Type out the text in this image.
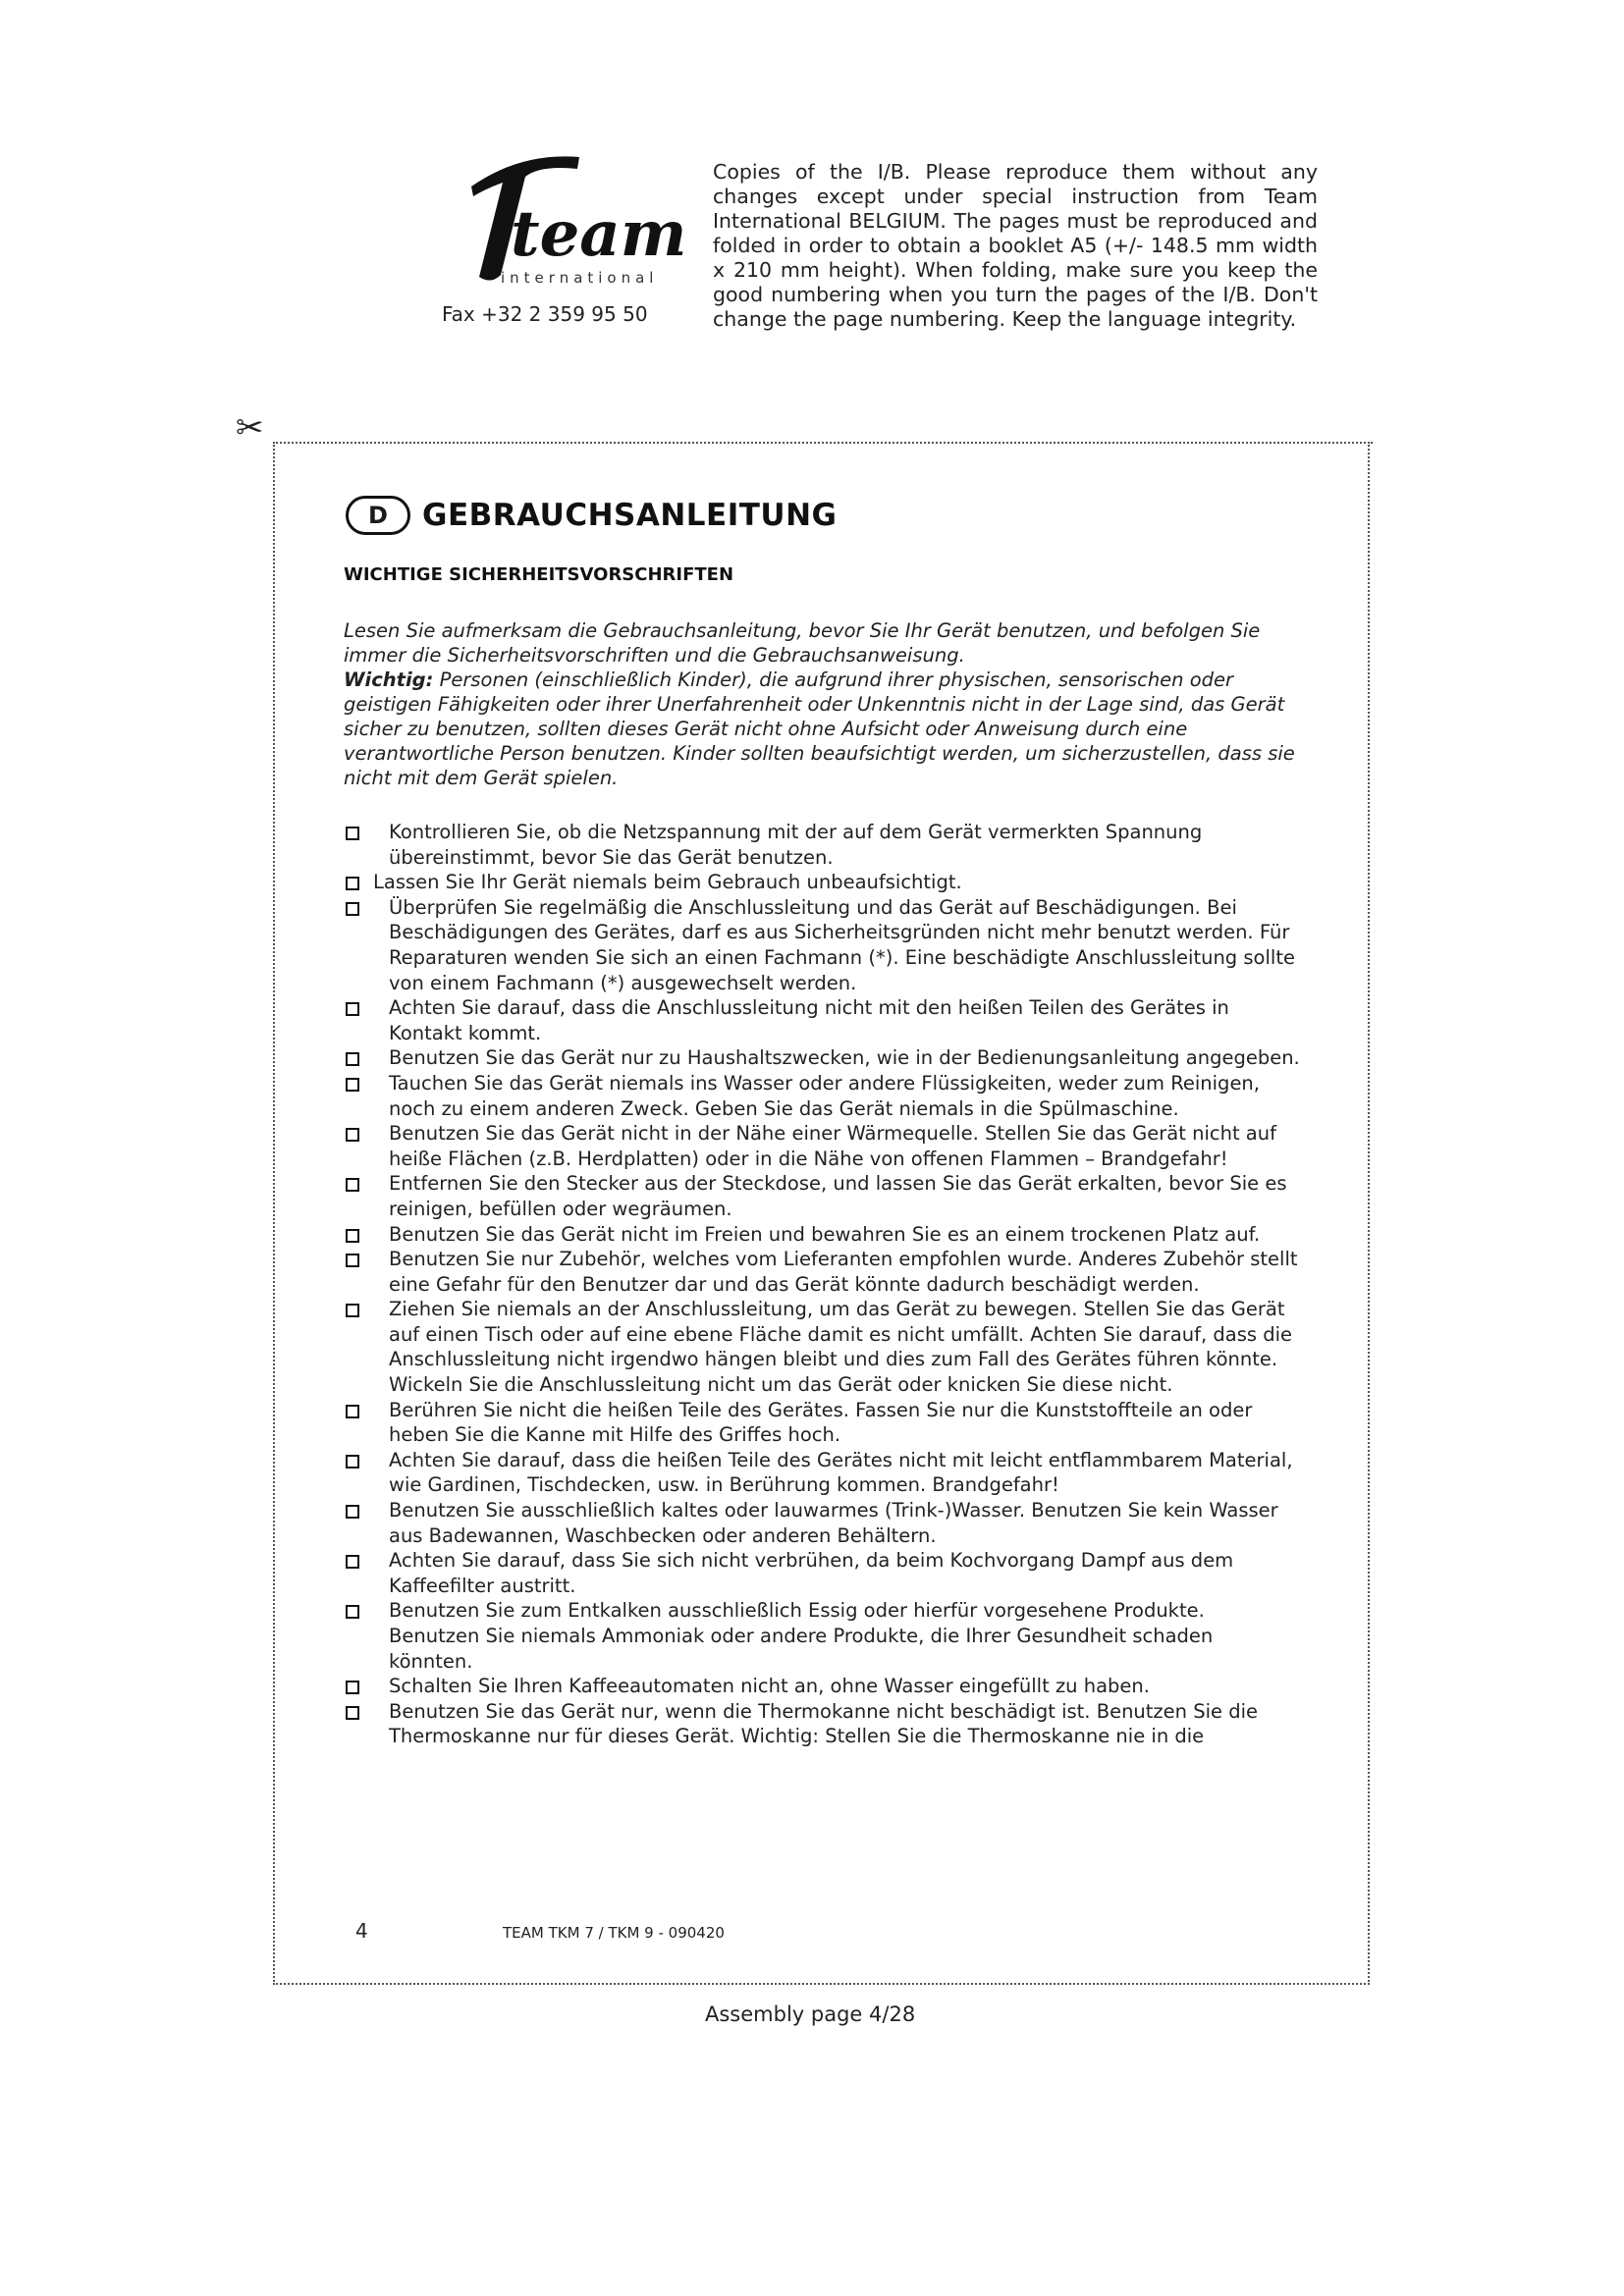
team
international
Fax +32 2 359 95 50
Copies of the I/B. Please reproduce them without any changes except under special instruction from Team International BELGIUM. The pages must be reproduced and folded in order to obtain a booklet A5 (+/- 148.5 mm width x 210 mm height). When folding, make sure you keep the good numbering when you turn the pages of the I/B. Don't change the page numbering. Keep the language integrity.
✂
D	GEBRAUCHSANLEITUNG
WICHTIGE SICHERHEITSVORSCHRIFTEN
Lesen Sie aufmerksam die Gebrauchsanleitung, bevor Sie Ihr Gerät benutzen, und befolgen Sie immer die Sicherheitsvorschriften und die Gebrauchsanweisung.
Wichtig: Personen (einschließlich Kinder), die aufgrund ihrer physischen, sensorischen oder geistigen Fähigkeiten oder ihrer Unerfahrenheit oder Unkenntnis nicht in der Lage sind, das Gerät sicher zu benutzen, sollten dieses Gerät nicht ohne Aufsicht oder Anweisung durch eine verantwortliche Person benutzen. Kinder sollten beaufsichtigt werden, um sicherzustellen, dass sie nicht mit dem Gerät spielen.
Kontrollieren Sie, ob die Netzspannung mit der auf dem Gerät vermerkten Spannung übereinstimmt, bevor Sie das Gerät benutzen.
Lassen Sie Ihr Gerät niemals beim Gebrauch unbeaufsichtigt.
Überprüfen Sie regelmäßig die Anschlussleitung und das Gerät auf Beschädigungen. Bei Beschädigungen des Gerätes, darf es aus Sicherheitsgründen nicht mehr benutzt werden. Für Reparaturen wenden Sie sich an einen Fachmann (*). Eine beschädigte Anschlussleitung sollte von einem Fachmann (*) ausgewechselt werden.
Achten Sie darauf, dass die Anschlussleitung nicht mit den heißen Teilen des Gerätes in Kontakt kommt.
Benutzen Sie das Gerät nur zu Haushaltszwecken, wie in der Bedienungsanleitung angegeben.
Tauchen Sie das Gerät niemals ins Wasser oder andere Flüssigkeiten, weder zum Reinigen, noch zu einem anderen Zweck. Geben Sie das Gerät niemals in die Spülmaschine.
Benutzen Sie das Gerät nicht in der Nähe einer Wärmequelle. Stellen Sie das Gerät nicht auf heiße Flächen (z.B. Herdplatten) oder in die Nähe von offenen Flammen – Brandgefahr!
Entfernen Sie den Stecker aus der Steckdose, und lassen Sie das Gerät erkalten, bevor Sie es reinigen, befüllen oder wegräumen.
Benutzen Sie das Gerät nicht im Freien und bewahren Sie es an einem trockenen Platz auf.
Benutzen Sie nur Zubehör, welches vom Lieferanten empfohlen wurde. Anderes Zubehör stellt eine Gefahr für den Benutzer dar und das Gerät könnte dadurch beschädigt werden.
Ziehen Sie niemals an der Anschlussleitung, um das Gerät zu bewegen. Stellen Sie das Gerät auf einen Tisch oder auf eine ebene Fläche damit es nicht umfällt. Achten Sie darauf, dass die Anschlussleitung nicht irgendwo hängen bleibt und dies zum Fall des Gerätes führen könnte. Wickeln Sie die Anschlussleitung nicht um das Gerät oder knicken Sie diese nicht.
Berühren Sie nicht die heißen Teile des Gerätes. Fassen Sie nur die Kunststoffteile an oder heben Sie die Kanne mit Hilfe des Griffes hoch.
Achten Sie darauf, dass die heißen Teile des Gerätes nicht mit leicht entflammbarem Material, wie Gardinen, Tischdecken, usw. in Berührung kommen. Brandgefahr!
Benutzen Sie ausschließlich kaltes oder lauwarmes (Trink-)Wasser. Benutzen Sie kein Wasser aus Badewannen, Waschbecken oder anderen Behältern.
Achten Sie darauf, dass Sie sich nicht verbrühen, da beim Kochvorgang Dampf aus dem Kaffeefilter austritt.
Benutzen Sie zum Entkalken ausschließlich Essig oder hierfür vorgesehene Produkte. Benutzen Sie niemals Ammoniak oder andere Produkte, die Ihrer Gesundheit schaden könnten.
Schalten Sie Ihren Kaffeeautomaten nicht an, ohne Wasser eingefüllt zu haben.
Benutzen Sie das Gerät nur, wenn die Thermokanne nicht beschädigt ist. Benutzen Sie die Thermoskanne nur für dieses Gerät. Wichtig: Stellen Sie die Thermoskanne nie in die
4	TEAM TKM 7 / TKM 9 - 090420
Assembly page 4/28
